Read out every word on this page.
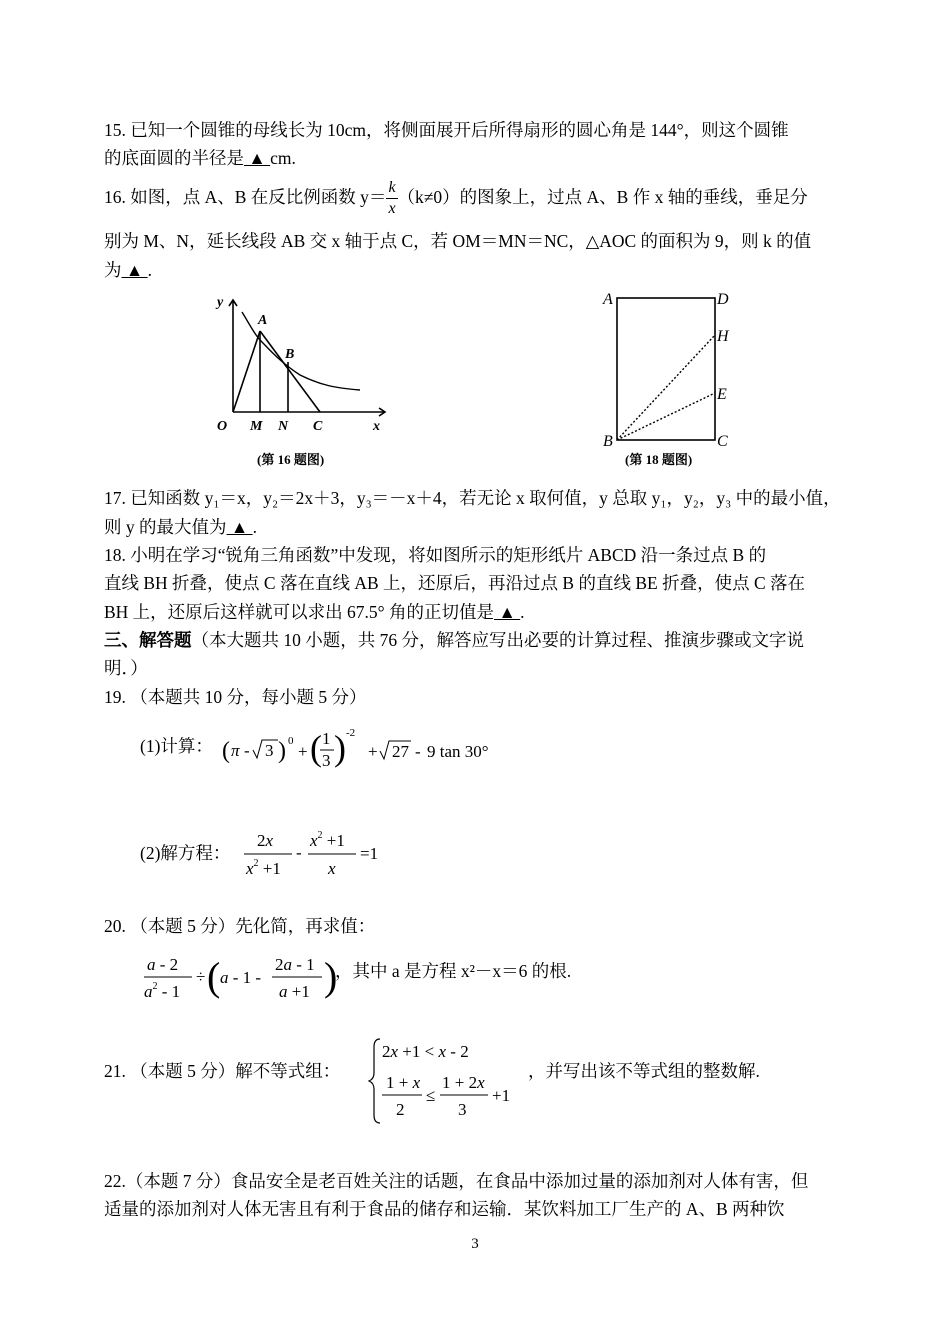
15. 已知一个圆锥的母线长为 10cm，将侧面展开后所得扇形的圆心角是 144°，则这个圆锥
的底面圆的半径是 ▲ cm.
16. 如图，点 A、B 在反比例函数 $y= \frac{k}{x} (k\ne 0)$的图象上，过点 A、B 作 x 轴的垂线，垂足分
别为 M、N，延长线段 AB 交 x 轴于点 C，若 OM＝MN＝NC，△AOC 的面积为 9，则 k 的值
为 ▲ .
y
x
O M N C
A
B
(第 16 题图)
A	D
H
E
B	C
(第 18 题图)
17. 已知函数 y₁＝x，y₂＝2x＋3，y₃＝－x＋4，若无论 x 取何值，y 总取 y₁，y₂，y₃ 中的最小值，
则 y 的最大值为 ▲ .
18. 小明在学习“锐角三角函数”中发现，将如图所示的矩形纸片 ABCD 沿一条过点 B 的
直线 BH 折叠，使点 C 落在直线 AB 上，还原后，再沿过点 B 的直线 BE 折叠，使点 C 落在
BH 上，还原后这样就可以求出 67.5° 角的正切值是 ▲ .
三、解答题（本大题共 10 小题，共 76 分，解答应写出必要的计算过程、推演步骤或文字说
明．）
19. （本题共 10 分，每小题 5 分）
(1)计算： ( π - 3 ) 0
+ ( 1
3 ) -2
+ 27 - 9 tan 30°
(2)解方程：
2x
$x^2 +1$
-
$x^2 +1$
x
=1
20. （本题 5 分）先化简，再求值：
a - 2
$a^2 - 1$
÷ ( a - 1 -
2a - 1
a +1 )
，其中 a 是方程 x²－x＝6 的根.
21. （本题 5 分）解不等式组：
2x +1 < x - 2
1 + x
2
≤
1 + 2x
3
+1
，并写出该不等式组的整数解.
22.（本题 7 分）食品安全是老百姓关注的话题，在食品中添加过量的添加剂对人体有害，但
适量的添加剂对人体无害且有利于食品的储存和运输．某饮料加工厂生产的 A、B 两种饮
3
